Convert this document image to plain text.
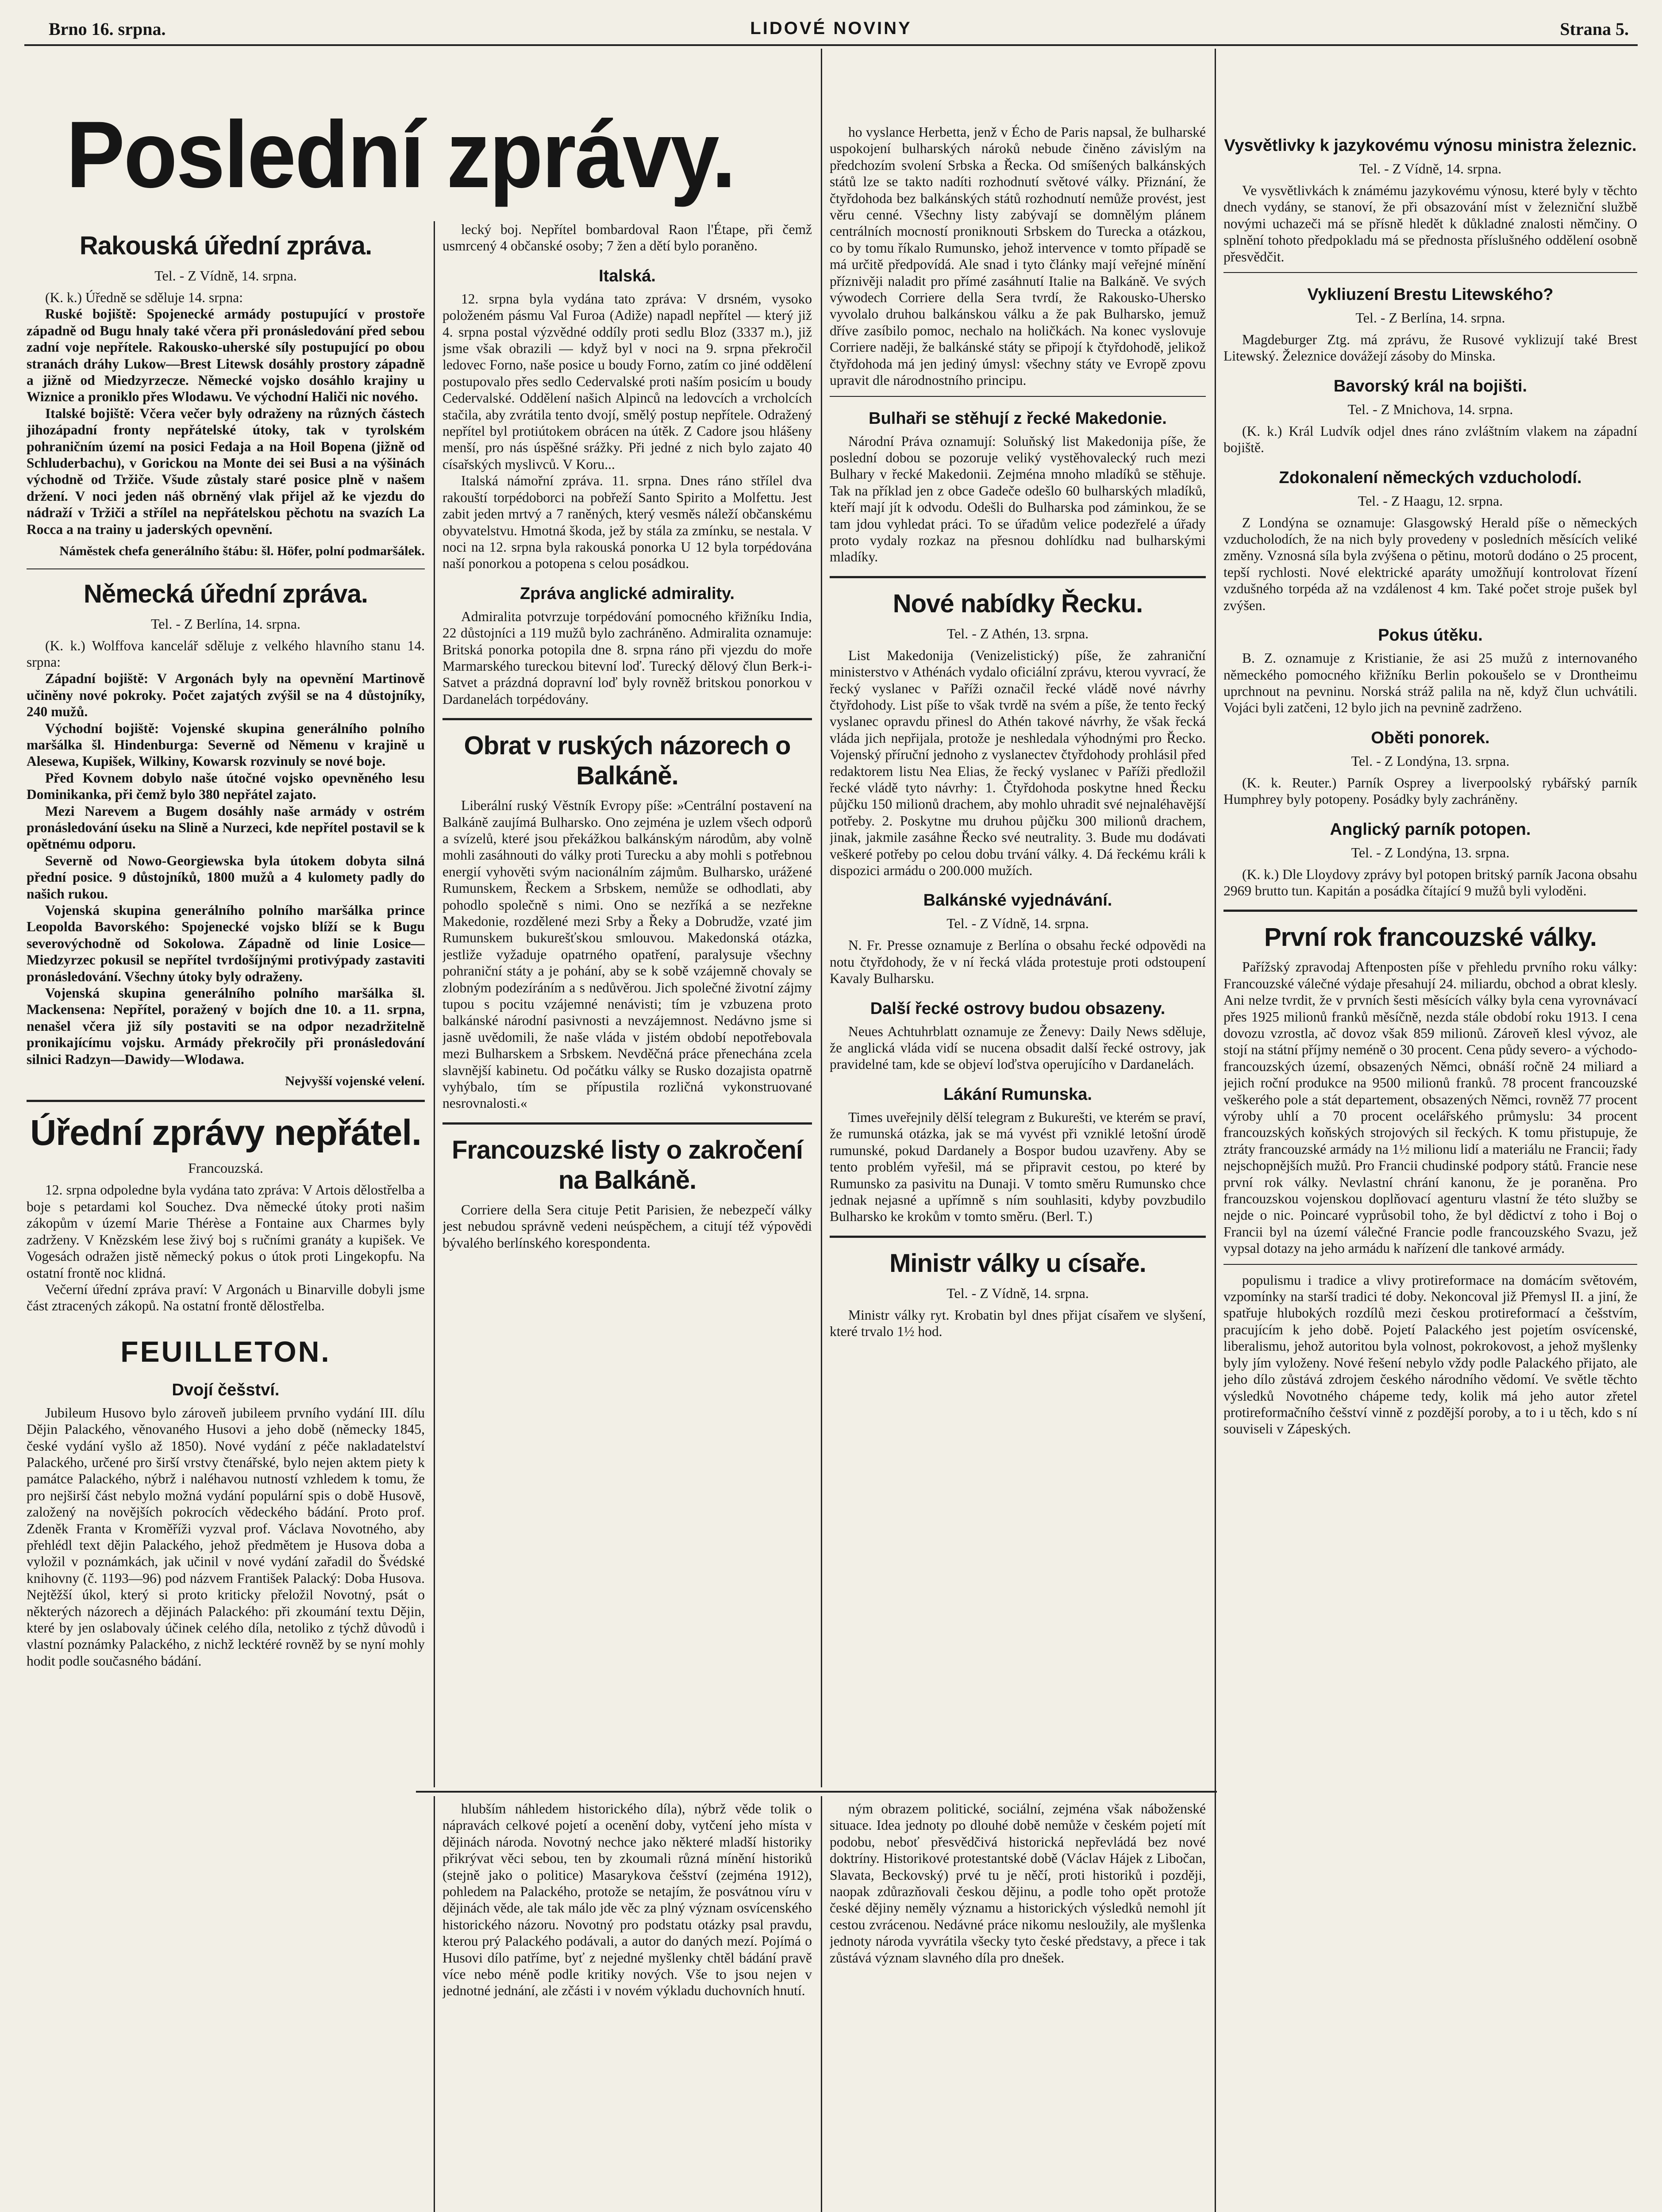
Brno 16. srpna.	LIDOVÉ NOVINY	Strana 5.
Poslední zprávy.
Rakouská úřední zpráva.
Tel. - Z Vídně, 14. srpna.

(K. k.) Úředně se sděluje 14. srpna:

Ruské bojiště: Spojenecké armády postupující v prostoře západně od Bugu hnaly také včera při pronásledování před sebou zadní voje nepřítele. Rakousko-uherské síly postupující po obou stranách dráhy Lukow—Brest Litewsk dosáhly prostory západně a jižně od Miedzyrzecze. Německé vojsko dosáhlo krajiny u Wiznice a proniklo přes Wlodawu. Ve východní Haliči nic nového.

Italské bojiště: Včera večer byly odraženy na různých částech jihozápadní fronty nepřátelské útoky, tak v tyrolském pohraničním území na posici Fedaja a na Hoil Bopena (jižně od Schluderbachu), v Gorickou na Monte dei sei Busi a na výšinách východně od Tržiče. Všude zůstaly staré posice plně v našem držení. V noci jeden náš obrněný vlak přijel až ke vjezdu do nádraží v Tržiči a střílel na nepřátelskou pěchotu na svazích La Rocca a na trainy u jaderských opevnění.

Náměstek chefa generálního štábu: šl. Höfer, polní podmaršálek.

Německá úřední zpráva.
Tel. - Z Berlína, 14. srpna.

(K. k.) Wolffova kancelář sděluje z velkého hlavního stanu 14. srpna:

Západní bojiště: V Argonách byly na opevnění Martinově učiněny nové pokroky. Počet zajatých zvýšil se na 4 důstojníky, 240 mužů.

Východní bojiště: Vojenské skupina generálního polního maršálka šl. Hindenburga: Severně od Němenu v krajině u Alesewa, Kupišek, Wilkiny, Kowarsk rozvinuly se nové boje.

Před Kovnem dobylo naše útočné vojsko opevněného lesu Dominikanka, při čemž bylo 380 nepřátel zajato.

Mezi Narevem a Bugem dosáhly naše armády v ostrém pronásledování úseku na Slině a Nurzeci, kde nepřítel postavil se k opětnému odporu.

Severně od Nowo-Georgiewska byla útokem dobyta silná přední posice. 9 důstojníků, 1800 mužů a 4 kulomety padly do našich rukou.

Vojenská skupina generálního polního maršálka prince Leopolda Bavorského: Spojenecké vojsko blíží se k Bugu severovýchodně od Sokolowa. Západně od linie Losice—Miedzyrzec pokusil se nepřítel tvrdošíjnými protivýpady zastaviti pronásledování. Všechny útoky byly odraženy.

Vojenská skupina generálního polního maršálka šl. Mackensena: Nepřítel, poražený v bojích dne 10. a 11. srpna, nenašel včera již síly postaviti se na odpor nezadržitelně pronikajícímu vojsku. Armády překročily při pronásledování silnici Radzyn—Dawidy—Wlodawa.

Nejvyšší vojenské velení.

Úřední zprávy nepřátel.
Francouzská.

12. srpna odpoledne byla vydána tato zpráva: V Artois dělostřelba a boje s petardami kol Souchez. Dva německé útoky proti našim zákopům v území Marie Thérèse a Fontaine aux Charmes byly zadrženy. V Knězském lese živý boj s ručními granáty a kupišek. Ve Vogesách odražen jistě německý pokus o útok proti Lingekopfu. Na ostatní frontě noc klidná.

Večerní úřední zpráva praví: V Argonách u Binarville dobyli jsme část ztracených zákopů. Na ostatní frontě dělostřelba.

FEUILLETON.
Dvojí češství.

Jubileum Husovo bylo zároveň jubileem prvního vydání III. dílu Dějin Palackého, věnovaného Husovi a jeho době (německy 1845, české vydání vyšlo až 1850). Nové vydání z péče nakladatelství Palackého, určené pro širší vrstvy čtenářské, bylo nejen aktem piety k památce Palackého, nýbrž i naléhavou nutností vzhledem k tomu, že pro nejširší část nebylo možná vydání populární spis o době Husově, založený na novějších pokrocích vědeckého bádání. Proto prof. Zdeněk Franta v Kroměříži vyzval prof. Václava Novotného, aby přehlédl text dějin Palackého, jehož předmětem je Husova doba a vyložil v poznámkách, jak učinil v nové vydání zařadil do Švédské knihovny (č. 1193—96) pod názvem František Palacký: Doba Husova. Nejtěžší úkol, který si proto kriticky přeložil Novotný, psát o některých názorech a dějinách Palackého: při zkoumání textu Dějin, které by jen oslabovaly účinek celého díla, netoliko z týchž důvodů i vlastní poznámky Palackého, z nichž lecktéré rovněž by se nyní mohly hodit podle současného bádání.

lecký boj. Nepřítel bombardoval Raon l'Étape, při čemž usmrcený 4 občanské osoby; 7 žen a dětí bylo poraněno.

Italská.

12. srpna byla vydána tato zpráva: V drsném, vysoko položeném pásmu Val Furoa (Adiže) napadl nepřítel — který již 4. srpna postal výzvědné oddíly proti sedlu Bloz (3337 m.), již jsme však obrazili — když byl v noci na 9. srpna překročil ledovec Forno, naše posice u boudy Forno, zatím co jiné oddělení postupovalo přes sedlo Cedervalské proti naším posicím u boudy Cedervalské. Oddělení našich Alpinců na ledovcích a vrcholcích stačila, aby zvrátila tento dvojí, smělý postup nepřítele. Odražený nepřítel byl protiútokem obrácen na útěk. Z Cadore jsou hlášeny menší, pro nás úspěšné srážky. Při jedné z nich bylo zajato 40 císařských myslivců. V Koru...

Italská námořní zpráva. 11. srpna. Dnes ráno střílel dva rakouští torpédoborci na pobřeží Santo Spirito a Molfettu. Jest zabit jeden mrtvý a 7 raněných, který vesměs náleží občanskému obyvatelstvu. Hmotná škoda, jež by stála za zmínku, se nestala. V noci na 12. srpna byla rakouská ponorka U 12 byla torpédována naší ponorkou a potopena s celou posádkou.

Zpráva anglické admirality.

Admiralita potvrzuje torpédování pomocného křižníku India, 22 důstojníci a 119 mužů bylo zachráněno. Admiralita oznamuje: Britská ponorka potopila dne 8. srpna ráno při vjezdu do moře Marmarského tureckou bitevní loď. Turecký dělový člun Berk-i-Satvet a prázdná dopravní loď byly rovněž britskou ponorkou v Dardanelách torpédovány.

Obrat v ruských názorech o Balkáně.

Liberální ruský Věstník Evropy píše: »Centrální postavení na Balkáně zaujímá Bulharsko. Ono zejména je uzlem všech odporů a svízelů, které jsou překážkou balkánským národům, aby volně mohli zasáhnouti do války proti Turecku a aby mohli s potřebnou energií vyhověti svým nacionálním zájmům. Bulharsko, urážené Rumunskem, Řeckem a Srbskem, nemůže se odhodlati, aby pohodlo společně s nimi. Ono se nezříká a se nezřekne Makedonie, rozdělené mezi Srby a Řeky a Dobrudže, vzaté jim Rumunskem bukurešťskou smlouvou. Makedonská otázka, jestliže vyžaduje opatrného opatření, paralysuje všechny pohraniční státy a je pohání, aby se k sobě vzájemně chovaly se zlobným podezíráním a s nedůvěrou. Jich společné životní zájmy tupou s pocitu vzájemné nenávisti; tím je vzbuzena proto balkánské národní pasivnosti a nevzájemnost. Nedávno jsme si jasně uvědomili, že naše vláda v jistém období nepotřebovala mezi Bulharskem a Srbskem. Nevděčná práce přenechána zcela slavnější kabinetu. Od počátku války se Rusko dozajista opatrně vyhýbalo, tím se přípustila rozličná vykonstruované nesrovnalosti.«

Francouzské listy o zakročení na Balkáně.

Corriere della Sera cituje Petit Parisien, že nebezpečí války jest nebudou správně vedeni neúspěchem, a citují též výpovědi bývalého berlínského korespondenta.

ho vyslance Herbetta, jenž v Écho de Paris napsal, že bulharské uspokojení bulharských nároků nebude činěno závislým na předchozím svolení Srbska a Řecka. Od smíšených balkánských států lze se takto nadíti rozhodnutí světové války. Přiznání, že čtyřdohoda bez balkánských států rozhodnutí nemůže provést, jest věru cenné. Všechny listy zabývají se domnělým plánem centrálních mocností proniknouti Srbskem do Turecka a otázkou, co by tomu říkalo Rumunsko, jehož intervence v tomto případě se má určitě předpovídá. Ale snad i tyto články mají veřejné mínění příznivěji naladit pro přímé zasáhnutí Italie na Balkáně. Ve svých výwodech Corriere della Sera tvrdí, že Rakousko-Uhersko vyvolalo druhou balkánskou válku a že pak Bulharsko, jemuž dříve zasíbilo pomoc, nechalo na holičkách. Na konec vyslovuje Corriere naději, že balkánské státy se připojí k čtyřdohodě, jelikož čtyřdohoda má jen jediný úmysl: všechny státy ve Evropě zpovu upravit dle národnostního principu.

Bulhaři se stěhují z řecké Makedonie.

Národní Práva oznamují: Soluňský list Makedonija píše, že poslední dobou se pozoruje veliký vystěhovalecký ruch mezi Bulhary v řecké Makedonii. Zejména mnoho mladíků se stěhuje. Tak na příklad jen z obce Gadeče odešlo 60 bulharských mladíků, kteří mají jít k odvodu. Odešli do Bulharska pod záminkou, že se tam jdou vyhledat práci. To se úřadům velice podezřelé a úřady proto vydaly rozkaz na přesnou dohlídku nad bulharskými mladíky.

Nové nabídky Řecku.
Tel. - Z Athén, 13. srpna.

List Makedonija (Venizelistický) píše, že zahraniční ministerstvo v Athénách vydalo oficiální zprávu, kterou vyvrací, že řecký vyslanec v Paříži označil řecké vládě nové návrhy čtyřdohody. List píše to však tvrdě na svém a píše, že tento řecký vyslanec opravdu přinesl do Athén takové návrhy, že však řecká vláda jich nepřijala, protože je neshledala výhodnými pro Řecko. Vojenský příruční jednoho z vyslanectev čtyřdohody prohlásil před redaktorem listu Nea Elias, že řecký vyslanec v Paříži předložil řecké vládě tyto návrhy: 1. Čtyřdohoda poskytne hned Řecku půjčku 150 milionů drachem, aby mohlo uhradit své nejnaléhavější potřeby. 2. Poskytne mu druhou půjčku 300 milionů drachem, jinak, jakmile zasáhne Řecko své neutrality. 3. Bude mu dodávati veškeré potřeby po celou dobu trvání války. 4. Dá řeckému králi k dispozici armádu o 200.000 mužích.

Balkánské vyjednávání.
Tel. - Z Vídně, 14. srpna.

N. Fr. Presse oznamuje z Berlína o obsahu řecké odpovědi na notu čtyřdohody, že v ní řecká vláda protestuje proti odstoupení Kavaly Bulharsku.

Další řecké ostrovy budou obsazeny.

Neues Achtuhrblatt oznamuje ze Ženevy: Daily News sděluje, že anglická vláda vidí se nucena obsadit další řecké ostrovy, jak pravidelné tam, kde se objeví loďstva operujícího v Dardanelách.

Lákání Rumunska.

Times uveřejnily dělší telegram z Bukurešti, ve kterém se praví, že rumunská otázka, jak se má vyvést při vzniklé letošní úrodě rumunské, pokud Dardanely a Bospor budou uzavřeny. Aby se tento problém vyřešil, má se připravit cestou, po které by Rumunsko za pasivitu na Dunaji. V tomto směru Rumunsko chce jednak nejasné a upřímně s ním souhlasiti, kdyby povzbudilo Bulharsko ke krokům v tomto směru. (Berl. T.)

Ministr války u císaře.
Tel. - Z Vídně, 14. srpna.

Ministr války ryt. Krobatin byl dnes přijat císařem ve slyšení, které trvalo 1½ hod.

Vysvětlivky k jazykovému výnosu ministra železnic.
Tel. - Z Vídně, 14. srpna.

Ve vysvětlivkách k známému jazykovému výnosu, které byly v těchto dnech vydány, se stanoví, že při obsazování míst v železniční službě novými uchazeči má se přísně hledět k důkladné znalosti němčiny. O splnění tohoto předpokladu má se přednosta příslušného oddělení osobně přesvědčit.

Vykliuzení Brestu Litewského?
Tel. - Z Berlína, 14. srpna.

Magdeburger Ztg. má zprávu, že Rusové vyklizují také Brest Litewský. Železnice dovážejí zásoby do Minska.

Bavorský král na bojišti.
Tel. - Z Mnichova, 14. srpna.

(K. k.) Král Ludvík odjel dnes ráno zvláštním vlakem na západní bojiště.

Zdokonalení německých vzducholodí.
Tel. - Z Haagu, 12. srpna.

Z Londýna se oznamuje: Glasgowský Herald píše o německých vzducholodích, že na nich byly provedeny v posledních měsících veliké změny. Vznosná síla byla zvýšena o pětinu, motorů dodáno o 25 procent, tepší rychlosti. Nové elektrické aparáty umožňují kontrolovat řízení vzdušného torpéda až na vzdálenost 4 km. Také počet stroje pušek byl zvýšen.

Pokus útěku.

B. Z. oznamuje z Kristianie, že asi 25 mužů z internovaného německého pomocného křižníku Berlin pokoušelo se v Drontheimu uprchnout na pevninu. Norská stráž palila na ně, když člun uchvátili. Vojáci byli zatčeni, 12 bylo jich na pevnině zadrženo.

Oběti ponorek.
Tel. - Z Londýna, 13. srpna.

(K. k. Reuter.) Parník Osprey a liverpoolský rybářský parník Humphrey byly potopeny. Posádky byly zachráněny.

Anglický parník potopen.
Tel. - Z Londýna, 13. srpna.

(K. k.) Dle Lloydovy zprávy byl potopen britský parník Jacona obsahu 2969 brutto tun. Kapitán a posádka čítající 9 mužů byli vyloděni.

První rok francouzské války.

Pařížský zpravodaj Aftenposten píše v přehledu prvního roku války: Francouzské válečné výdaje přesahují 24. miliardu, obchod a obrat klesly. Ani nelze tvrdit, že v prvních šesti měsících války byla cena vyrovnávací přes 1925 milionů franků měsíčně, nezda stále období roku 1913. I cena dovozu vzrostla, ač dovoz však 859 milionů. Zároveň klesl vývoz, ale stojí na státní příjmy neméně o 30 procent. Cena půdy severo- a východo-francouzských území, obsazených Němci, obnáší ročně 24 miliard a jejich roční produkce na 9500 milionů franků. 78 procent francouzské veškerého pole a stát departement, obsazených Němci, rovněž 77 procent výroby uhlí a 70 procent ocelářského průmyslu: 34 procent francouzských koňských strojových sil řeckých. K tomu přistupuje, že ztráty francouzské armády na 1½ milionu lidí a materiálu ne Francii; řady nejschopnějších mužů. Pro Francii chudinské podpory států. Francie nese první rok války. Nevlastní chrání kanonu, že je poraněna. Pro francouzskou vojenskou doplňovací agenturu vlastní že této služby se nejde o nic. Poincaré vyprůsobil toho, že byl dědictví z toho i Boj o Francii byl na území válečné Francie podle francouzského Svazu, jež vypsal dotazy na jeho armádu k nařízení dle tankové armády.

populismu i tradice a vlivy protireformace na domácím světovém, vzpomínky na starší tradici té doby. Nekoncoval již Přemysl II. a jiní, že spatřuje hlubokých rozdílů mezi českou protireformací a češstvím, pracujícím k jeho době. Pojetí Palackého jest pojetím osvícenské, liberalismu, jehož autoritou byla volnost, pokrokovost, a jehož myšlenky byly jím vyloženy. Nové řešení nebylo vždy podle Palackého přijato, ale jeho dílo zůstává zdrojem českého národního vědomí. Ve světle těchto výsledků Novotného chápeme tedy, kolik má jeho autor zřetel protireformačního češství vinně z pozdější poroby, a to i u těch, kdo s ní souviseli v Zápeských.

hlubším náhledem historického díla), nýbrž věde tolik o nápravách celkové pojetí a ocenění doby, vytčení jeho místa v dějinách národa. Novotný nechce jako některé mladší historiky přikrývat věci sebou, ten by zkoumali různá mínění historiků (stejně jako o politice) Masarykova češství (zejména 1912), pohledem na Palackého, protože se netajím, že posvátnou víru v dějinách věde, ale tak málo jde věc za plný význam osvícenského historického názoru. Novotný pro podstatu otázky psal pravdu, kterou prý Palackého podávali, a autor do daných mezí. Pojímá o Husovi dílo patříme, byť z nejedné myšlenky chtěl bádání pravě více nebo méně podle kritiky nových. Vše to jsou nejen v jednotné jednání, ale zčásti i v novém výkladu duchovních hnutí.

ným obrazem politické, sociální, zejména však náboženské situace. Idea jednoty po dlouhé době nemůže v českém pojetí mít podobu, neboť přesvědčivá historická nepřevládá bez nové doktríny. Historikové protestantské době (Václav Hájek z Libočan, Slavata, Beckovský) prvé tu je něčí, proti historiků i později, naopak zdůrazňovali českou dějinu, a podle toho opět protože české dějiny neměly významu a historických výsledků nemohl jít cestou zvrácenou. Nedávné práce nikomu nesloužily, ale myšlenka jednoty národa vyvrátila všecky tyto české představy, a přece i tak zůstává význam slavného díla pro dnešek.
